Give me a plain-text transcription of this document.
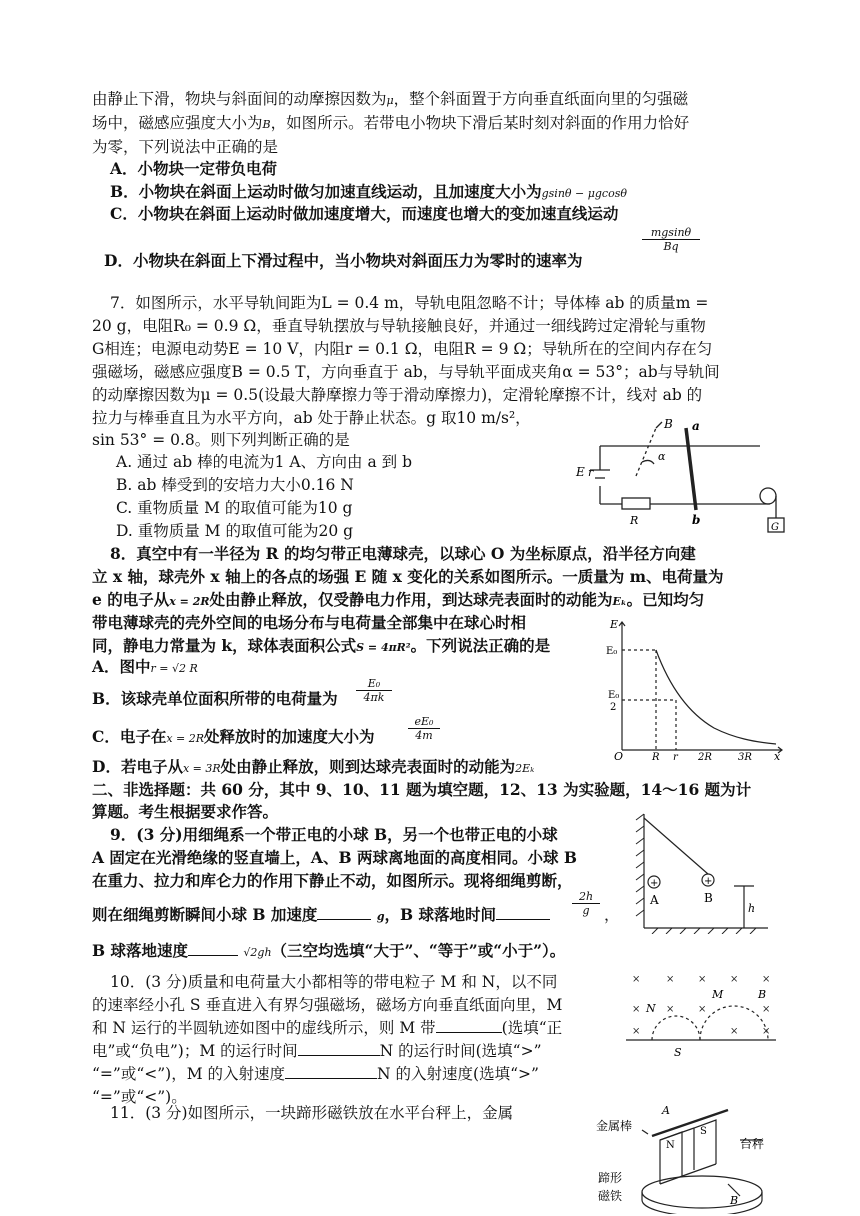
由静止下滑，物块与斜面间的动摩擦因数为μ，整个斜面置于方向垂直纸面向里的匀强磁
场中，磁感应强度大小为B，如图所示。若带电小物块下滑后某时刻对斜面的作用力恰好
为零，下列说法中正确的是
A．小物块一定带负电荷
B．小物块在斜面上运动时做匀加速直线运动，且加速度大小为gsinθ − μgcosθ
C．小物块在斜面上运动时做加速度增大，而速度也增大的变加速直线运动
D．小物块在斜面上下滑过程中，当小物块对斜面压力为零时的速率为
$\frac{mgsin\theta}{Bq}$
7．如图所示，水平导轨间距为L = 0.4 m，导轨电阻忽略不计；导体棒 ab 的质量m =
20 g，电阻R₀ = 0.9 Ω，垂直导轨摆放与导轨接触良好，并通过一细线跨过定滑轮与重物
G相连；电源电动势E = 10 V，内阻r = 0.1 Ω，电阻R = 9 Ω；导轨所在的空间内存在匀
强磁场，磁感应强度B = 0.5 T，方向垂直于 ab，与导轨平面成夹角α = 53°；ab与导轨间
的动摩擦因数为μ = 0.5(设最大静摩擦力等于滑动摩擦力)，定滑轮摩擦不计，线对 ab 的
拉力与棒垂直且为水平方向，ab 处于静止状态。g 取10 m/s²，
sin 53° = 0.8。则下列判断正确的是
A. 通过 ab 棒的电流为1 A、方向由 a 到 b
B. ab 棒受到的安培力大小0.16 N
C. 重物质量 M 的取值可能为10 g
D. 重物质量 M 的取值可能为20 g
B a
α
E r
R	b
G
8．真空中有一半径为 R 的均匀带正电薄球壳，以球心 O 为坐标原点，沿半径方向建
立 x 轴，球壳外 x 轴上的各点的场强 E 随 x 变化的关系如图所示。一质量为 m、电荷量为
e 的电子从x = 2R处由静止释放，仅受静电力作用，到达球壳表面时的动能为Eₖ。已知均匀
带电薄球壳的壳外空间的电场分布与电荷量全部集中在球心时相
同，静电力常量为 k，球体表面积公式S = 4πR²。下列说法正确的是
A．图中r = √2 R
B．该球壳单位面积所带的电荷量为 $\frac{\text{E₀}}{4\pi k}$
C．电子在x = 2R处释放时的加速度大小为	$\frac{\text{eE₀}}{4m}$
D．若电子从x = 3R处由静止释放，则到达球壳表面时的动能为2Eₖ
E
E₀
E₀
2
O	R r 2R	3R x
二、非选择题：共 60 分，其中 9、10、11 题为填空题，12、13 为实验题，14～16 题为计
算题。考生根据要求作答。
9．(3 分)用细绳系一个带正电的小球 B，另一个也带正电的小球
A 固定在光滑绝缘的竖直墙上，A、B 两球离地面的高度相同。小球 B
在重力、拉力和库仑力的作用下静止不动，如图所示。现将细绳剪断，
则在细绳剪断瞬间小球 B 加速度	g，B 球落地时间	$\frac{2h}{g}$ ，
B 球落地速度	√2gh（三空均选填“大于”、“等于”或“小于”）。
+	+
A	B
h
10．(3 分)质量和电荷量大小都相等的带电粒子 M 和 N，以不同
的速率经小孔 S 垂直进入有界匀强磁场，磁场方向垂直纸面向里，M
和 N 运行的半圆轨迹如图中的虚线所示，则 M 带	(选填“正
电”或“负电”)；M 的运行时间	N 的运行时间(选填“>”
“=”或“<”)，M 的入射速度	N 的入射速度(选填“>”
“=”或“<”)。
×	× × × ×
×	×	×
×
×	× ×
N
M	B
S
11．(3 分)如图所示，一块蹄形磁铁放在水平台秤上，金属
金属棒
A
台秤
蹄形
磁铁	B
S
N
